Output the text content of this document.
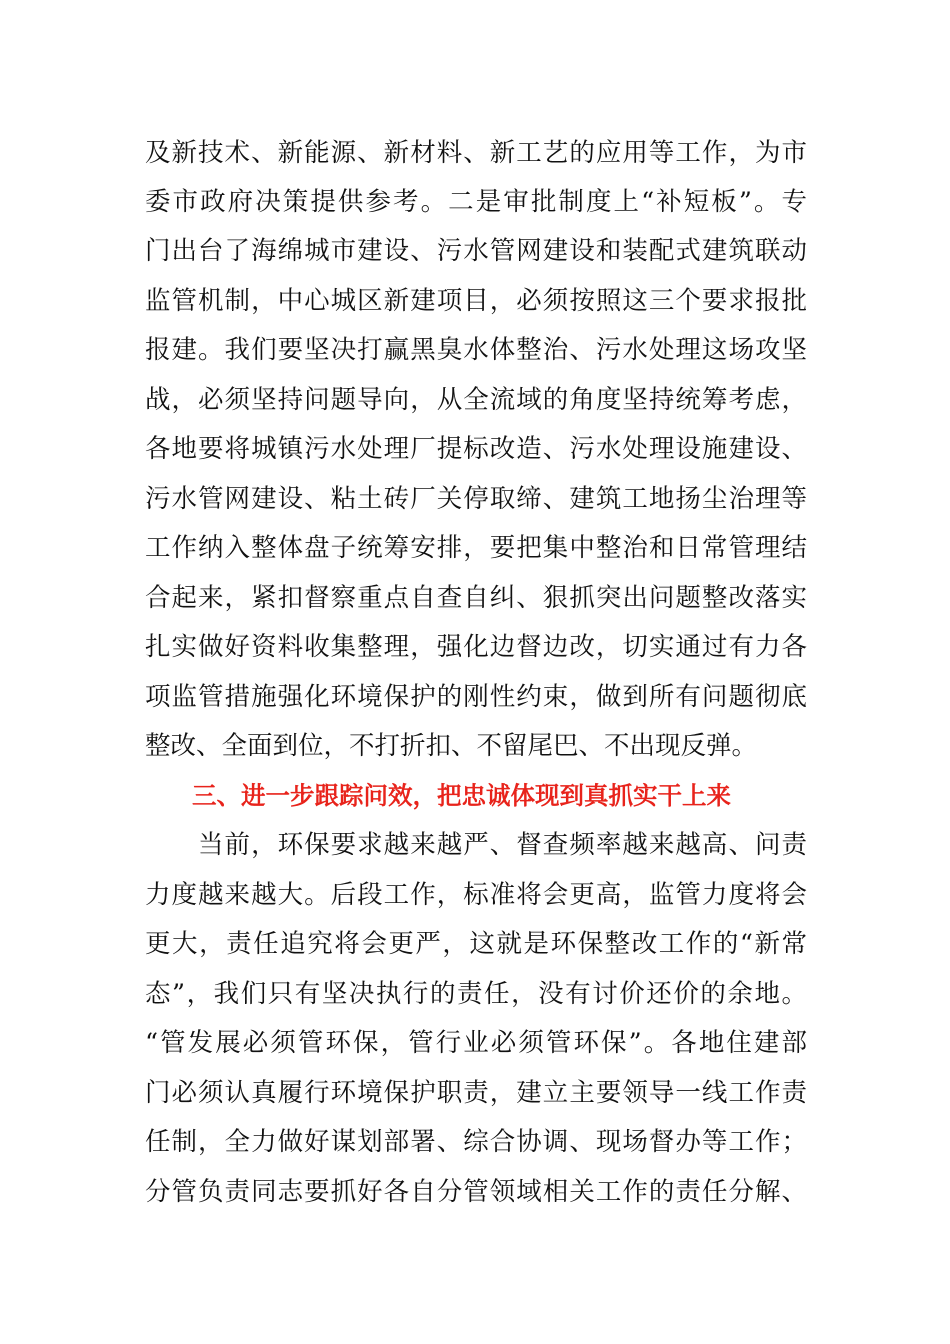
及新技术、新能源、新材料、新工艺的应用等工作，为市
委市政府决策提供参考。二是审批制度上“补短板”。专
门出台了海绵城市建设、污水管网建设和装配式建筑联动
监管机制，中心城区新建项目，必须按照这三个要求报批
报建。我们要坚决打赢黑臭水体整治、污水处理这场攻坚
战，必须坚持问题导向，从全流域的角度坚持统筹考虑，
各地要将城镇污水处理厂提标改造、污水处理设施建设、
污水管网建设、粘土砖厂关停取缔、建筑工地扬尘治理等
工作纳入整体盘子统筹安排，要把集中整治和日常管理结
合起来，紧扣督察重点自查自纠、狠抓突出问题整改落实
扎实做好资料收集整理，强化边督边改，切实通过有力各
项监管措施强化环境保护的刚性约束，做到所有问题彻底
整改、全面到位，不打折扣、不留尾巴、不出现反弹。
三、进一步跟踪问效，把忠诚体现到真抓实干上来
　　当前，环保要求越来越严、督查频率越来越高、问责
力度越来越大。后段工作，标准将会更高，监管力度将会
更大，责任追究将会更严，这就是环保整改工作的“新常
态”，我们只有坚决执行的责任，没有讨价还价的余地。
“管发展必须管环保，管行业必须管环保”。各地住建部
门必须认真履行环境保护职责，建立主要领导一线工作责
任制，全力做好谋划部署、综合协调、现场督办等工作；
分管负责同志要抓好各自分管领域相关工作的责任分解、
